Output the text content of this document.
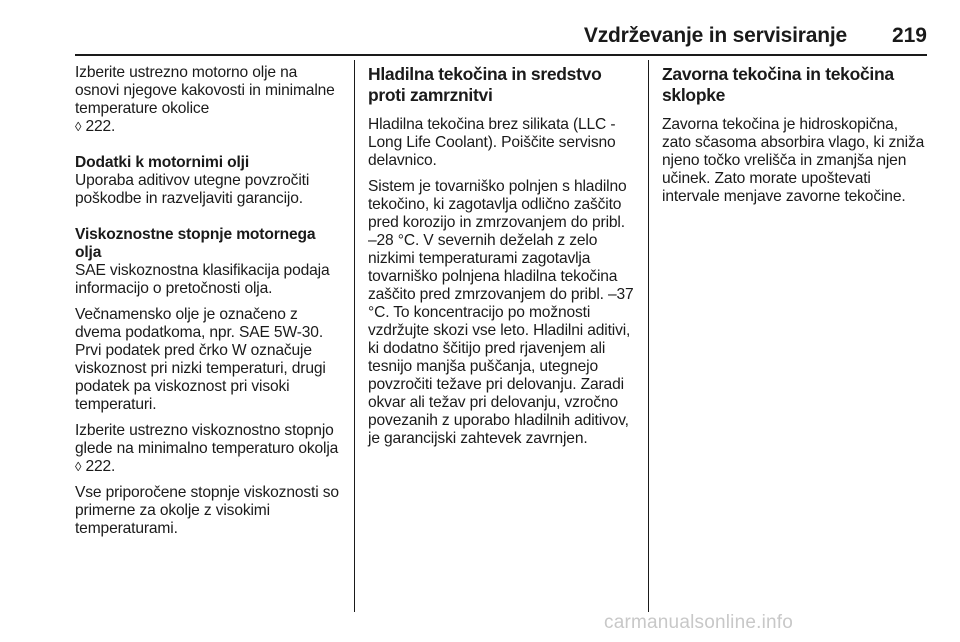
Vzdrževanje in servisiranje 219

Izberite ustrezno motorno olje na osnovi njegove kakovosti in minimalne temperature okolice
◊ 222.

Dodatki k motornimi olji

Uporaba aditivov utegne povzročiti poškodbe in razveljaviti garancijo.

Viskoznostne stopnje motornega olja

SAE viskoznostna klasifikacija podaja informacijo o pretočnosti olja.

Večnamensko olje je označeno z dvema podatkoma, npr. SAE 5W-30. Prvi podatek pred črko W označuje viskoznost pri nizki temperaturi, drugi podatek pa viskoznost pri visoki temperaturi.

Izberite ustrezno viskoznostno stopnjo glede na minimalno temperaturo okolja ◊ 222.

Vse priporočene stopnje viskoznosti so primerne za okolje z visokimi temperaturami.

Hladilna tekočina in sredstvo proti zamrznitvi

Hladilna tekočina brez silikata (LLC - Long Life Coolant). Poiščite servisno delavnico.

Sistem je tovarniško polnjen s hladilno tekočino, ki zagotavlja odlično zaščito pred korozijo in zmrzovanjem do pribl. –28 °C. V severnih deželah z zelo nizkimi temperaturami zagotavlja tovarniško polnjena hladilna tekočina zaščito pred zmrzovanjem do pribl. –37 °C. To koncentracijo po možnosti vzdržujte skozi vse leto. Hladilni aditivi, ki dodatno ščitijo pred rjavenjem ali tesnijo manjša puščanja, utegnejo povzročiti težave pri delovanju. Zaradi okvar ali težav pri delovanju, vzročno povezanih z uporabo hladilnih aditivov, je garancijski zahtevek zavrnjen.

Zavorna tekočina in tekočina sklopke

Zavorna tekočina je hidroskopična, zato sčasoma absorbira vlago, ki zniža njeno točko vrelišča in zmanjša njen učinek. Zato morate upoštevati intervale menjave zavorne tekočine.

carmanualsonline.info
